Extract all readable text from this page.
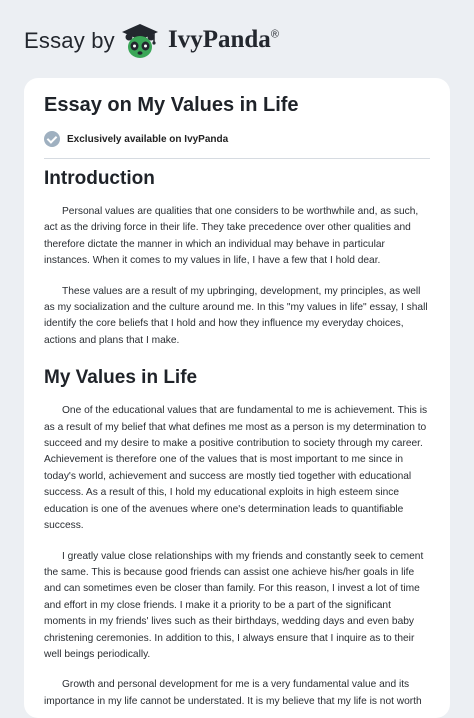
Essay by IvyPanda®
Essay on My Values in Life
Exclusively available on IvyPanda
Introduction

Personal values are qualities that one considers to be worthwhile and, as such, act as the driving force in their life. They take precedence over other qualities and therefore dictate the manner in which an individual may behave in particular instances. When it comes to my values in life, I have a few that I hold dear.

These values are a result of my upbringing, development, my principles, as well as my socialization and the culture around me. In this "my values in life" essay, I shall identify the core beliefs that I hold and how they influence my everyday choices, actions and plans that I make.

My Values in Life

One of the educational values that are fundamental to me is achievement. This is as a result of my belief that what defines me most as a person is my determination to succeed and my desire to make a positive contribution to society through my career. Achievement is therefore one of the values that is most important to me since in today's world, achievement and success are mostly tied together with educational success. As a result of this, I hold my educational exploits in high esteem since education is one of the avenues where one's determination leads to quantifiable success.

I greatly value close relationships with my friends and constantly seek to cement the same. This is because good friends can assist one achieve his/her goals in life and can sometimes even be closer than family. For this reason, I invest a lot of time and effort in my close friends. I make it a priority to be a part of the significant moments in my friends' lives such as their birthdays, wedding days and even baby christening ceremonies. In addition to this, I always ensure that I inquire as to their well beings periodically.

Growth and personal development for me is a very fundamental value and its importance in my life cannot be understated. It is my believe that my life is not worth
